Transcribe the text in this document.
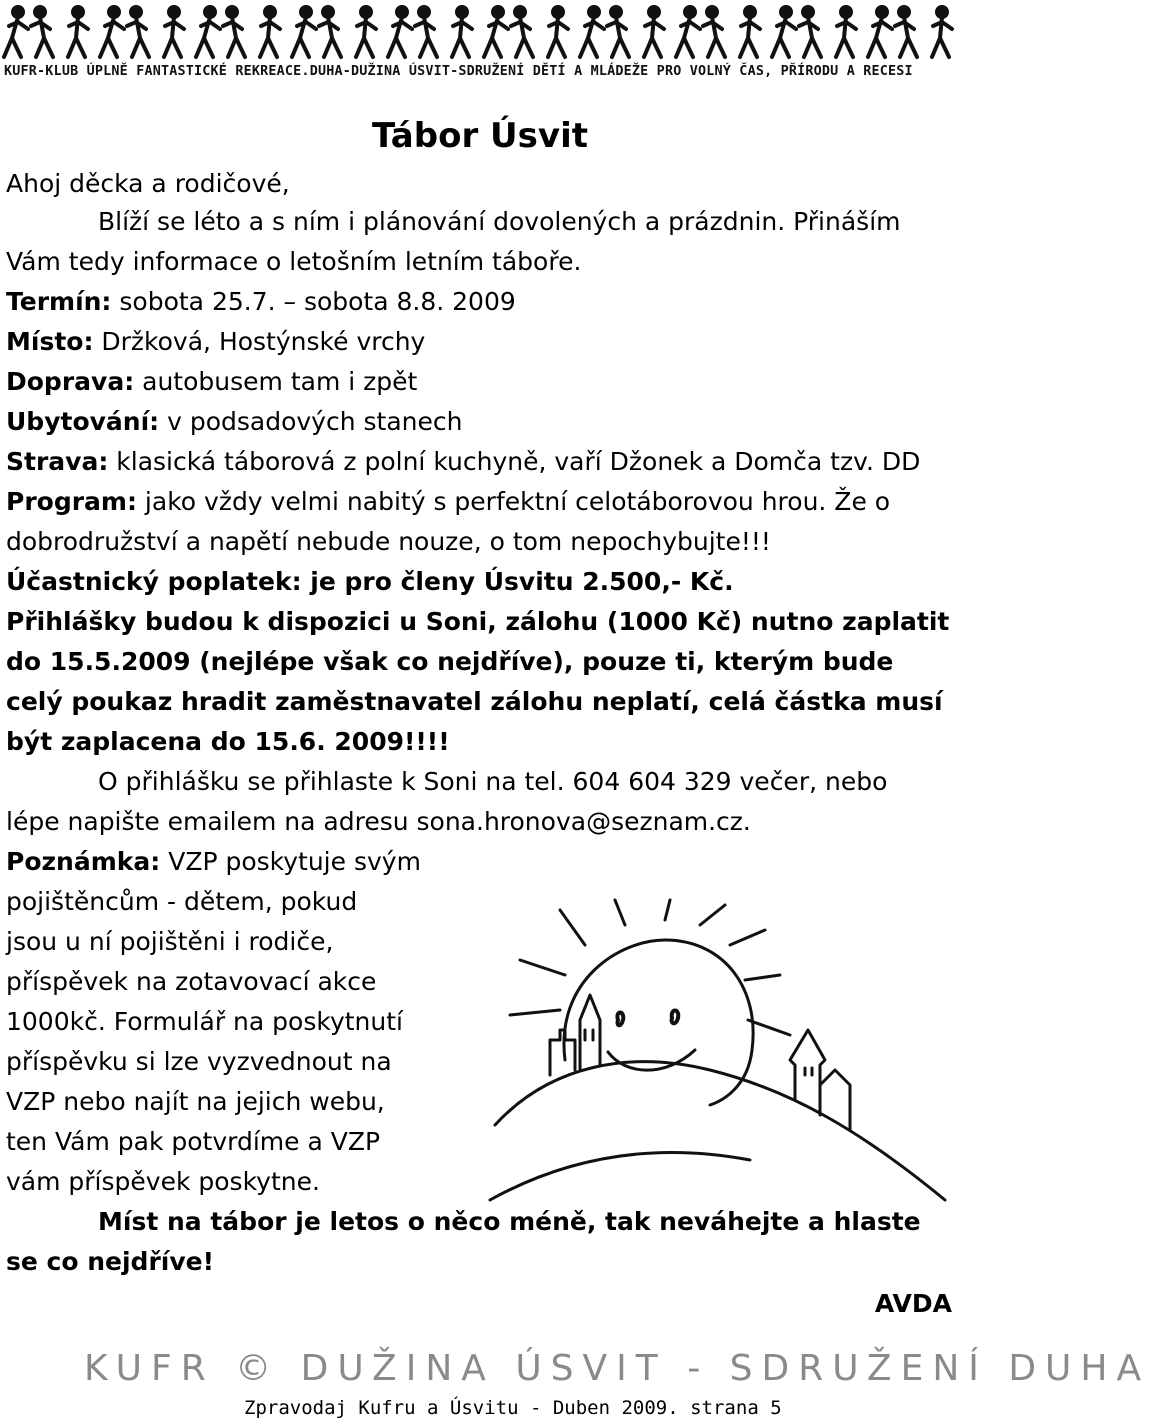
KUFR-KLUB ÚPLNĚ FANTASTICKÉ REKREACE.DUHA-DUŽINA ÚSVIT-SDRUŽENÍ DĚTÍ A MLÁDEŽE PRO VOLNÝ ČAS, PŘÍRODU A RECESI
Tábor Úsvit
Ahoj děcka a rodičové,
Blíží se léto a s ním i plánování dovolených a prázdnin. Přináším
Vám tedy informace o letošním letním táboře.
Termín: sobota 25.7. – sobota 8.8. 2009
Místo: Držková, Hostýnské vrchy
Doprava: autobusem tam i zpět
Ubytování: v podsadových stanech
Strava: klasická táborová z polní kuchyně, vaří Džonek a Domča tzv. DD
Program: jako vždy velmi nabitý s perfektní celotáborovou hrou. Že o
dobrodružství a napětí nebude nouze, o tom nepochybujte!!!
Účastnický poplatek: je pro členy Úsvitu 2.500,- Kč.
Přihlášky budou k dispozici u Soni, zálohu (1000 Kč) nutno zaplatit
do 15.5.2009 (nejlépe však co nejdříve), pouze ti, kterým bude
celý poukaz hradit zaměstnavatel zálohu neplatí, celá částka musí
být zaplacena do 15.6. 2009!!!!
O přihlášku se přihlaste k Soni na tel. 604 604 329 večer, nebo
lépe napište emailem na adresu sona.hronova@seznam.cz.
Poznámka: VZP poskytuje svým
pojištěncům - dětem, pokud
jsou u ní pojištěni i rodiče,
příspěvek na zotavovací akce
1000kč. Formulář na poskytnutí
příspěvku si lze vyzvednout na
VZP nebo najít na jejich webu,
ten Vám pak potvrdíme a VZP
vám příspěvek poskytne.
Míst na tábor je letos o něco méně, tak neváhejte a hlaste
se co nejdříve!
AVDA
KUFR © DUŽINA ÚSVIT - SDRUŽENÍ DUHA
Zpravodaj Kufru a Úsvitu - Duben 2009. strana 5
